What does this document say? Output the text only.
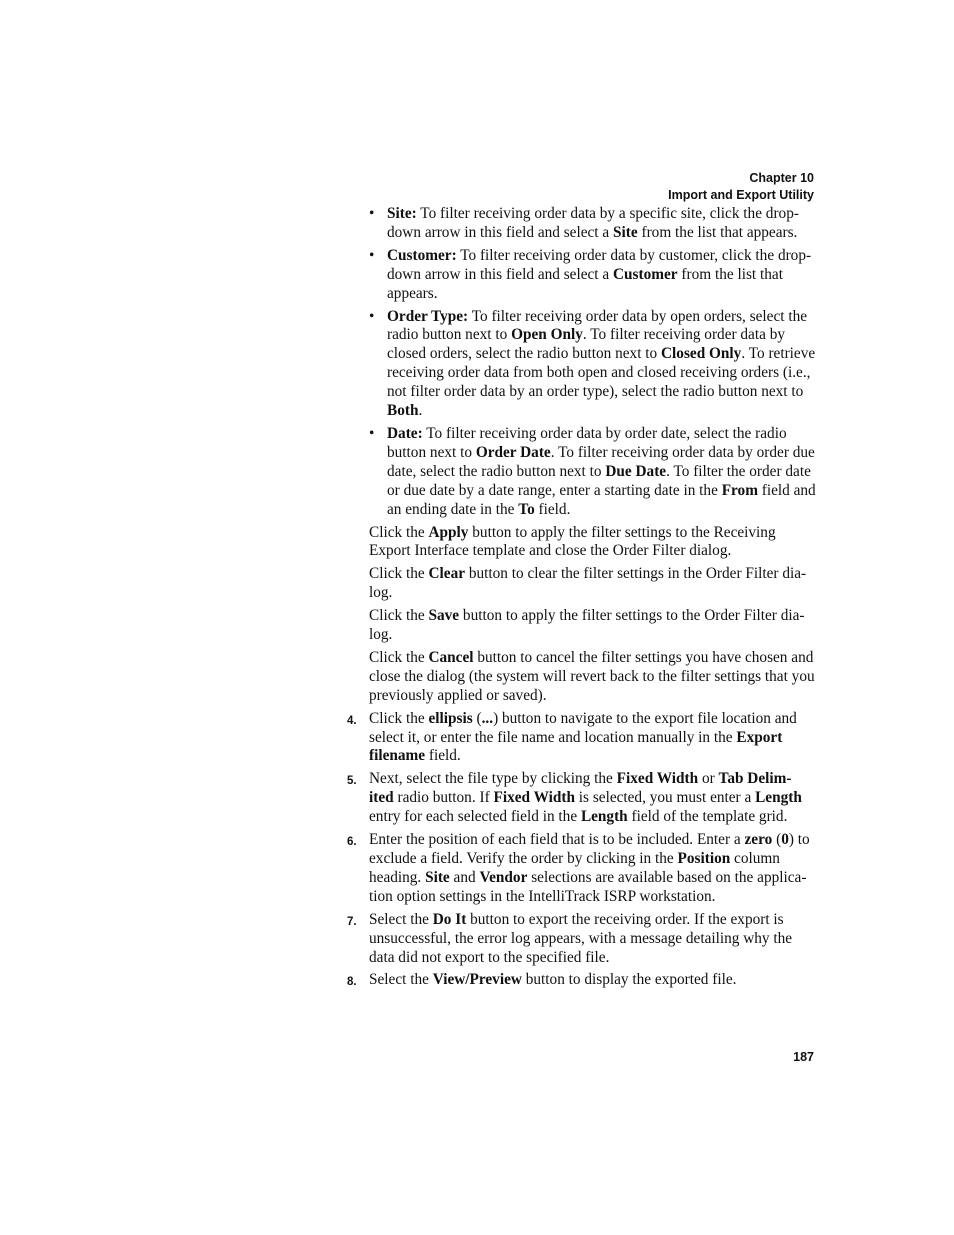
Chapter 10
Import and Export Utility
• Site: To filter receiving order data by a specific site, click the drop-down arrow in this field and select a Site from the list that appears.
• Customer: To filter receiving order data by customer, click the drop-down arrow in this field and select a Customer from the list that appears.
• Order Type: To filter receiving order data by open orders, select the radio button next to Open Only. To filter receiving order data by closed orders, select the radio button next to Closed Only. To retrieve receiving order data from both open and closed receiving orders (i.e., not filter order data by an order type), select the radio button next to Both.
• Date: To filter receiving order data by order date, select the radio button next to Order Date. To filter receiving order data by order due date, select the radio button next to Due Date. To filter the order date or due date by a date range, enter a starting date in the From field and an ending date in the To field.

Click the Apply button to apply the filter settings to the Receiving Export Interface template and close the Order Filter dialog.

Click the Clear button to clear the filter settings in the Order Filter dia-log.

Click the Save button to apply the filter settings to the Order Filter dia-log.

Click the Cancel button to cancel the filter settings you have chosen and close the dialog (the system will revert back to the filter settings that you previously applied or saved).

4. Click the ellipsis (...) button to navigate to the export file location and select it, or enter the file name and location manually in the Export filename field.
5. Next, select the file type by clicking the Fixed Width or Tab Delim-ited radio button. If Fixed Width is selected, you must enter a Length entry for each selected field in the Length field of the template grid.
6. Enter the position of each field that is to be included. Enter a zero (0) to exclude a field. Verify the order by clicking in the Position column heading. Site and Vendor selections are available based on the applica-tion option settings in the IntelliTrack ISRP workstation.
7. Select the Do It button to export the receiving order. If the export is unsuccessful, the error log appears, with a message detailing why the data did not export to the specified file.
8. Select the View/Preview button to display the exported file.
187
